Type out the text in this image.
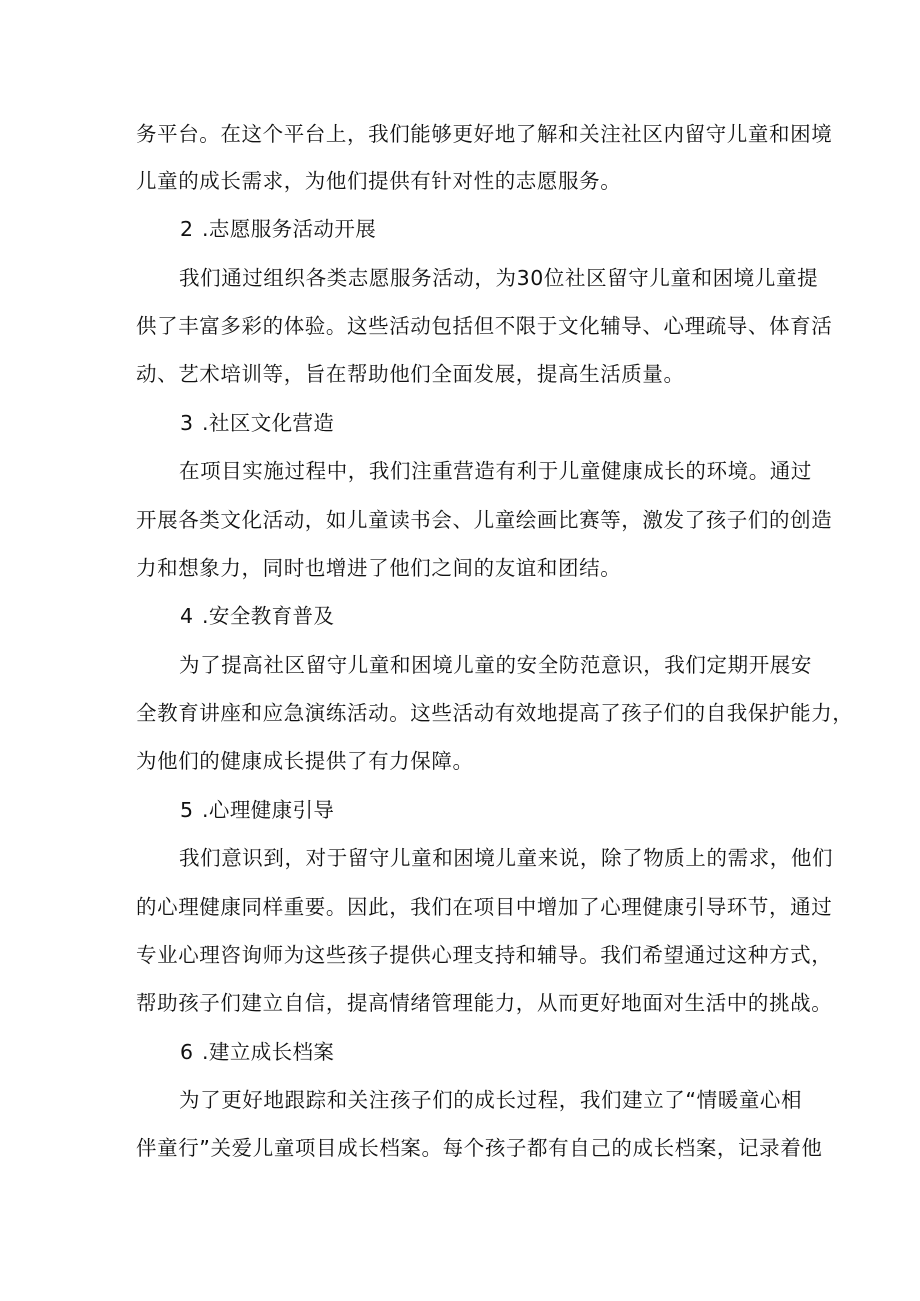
务平台。在这个平台上，我们能够更好地了解和关注社区内留守儿童和困境
儿童的成长需求，为他们提供有针对性的志愿服务。
2 .志愿服务活动开展
我们通过组织各类志愿服务活动，为30位社区留守儿童和困境儿童提
供了丰富多彩的体验。这些活动包括但不限于文化辅导、心理疏导、体育活
动、艺术培训等，旨在帮助他们全面发展，提高生活质量。
3 .社区文化营造
在项目实施过程中，我们注重营造有利于儿童健康成长的环境。通过
开展各类文化活动，如儿童读书会、儿童绘画比赛等，激发了孩子们的创造
力和想象力，同时也增进了他们之间的友谊和团结。
4 .安全教育普及
为了提高社区留守儿童和困境儿童的安全防范意识，我们定期开展安
全教育讲座和应急演练活动。这些活动有效地提高了孩子们的自我保护能力，
为他们的健康成长提供了有力保障。
5 .心理健康引导
我们意识到，对于留守儿童和困境儿童来说，除了物质上的需求，他们
的心理健康同样重要。因此，我们在项目中增加了心理健康引导环节，通过
专业心理咨询师为这些孩子提供心理支持和辅导。我们希望通过这种方式，
帮助孩子们建立自信，提高情绪管理能力，从而更好地面对生活中的挑战。
6 .建立成长档案
为了更好地跟踪和关注孩子们的成长过程，我们建立了“情暖童心相
伴童行”关爱儿童项目成长档案。每个孩子都有自己的成长档案，记录着他
